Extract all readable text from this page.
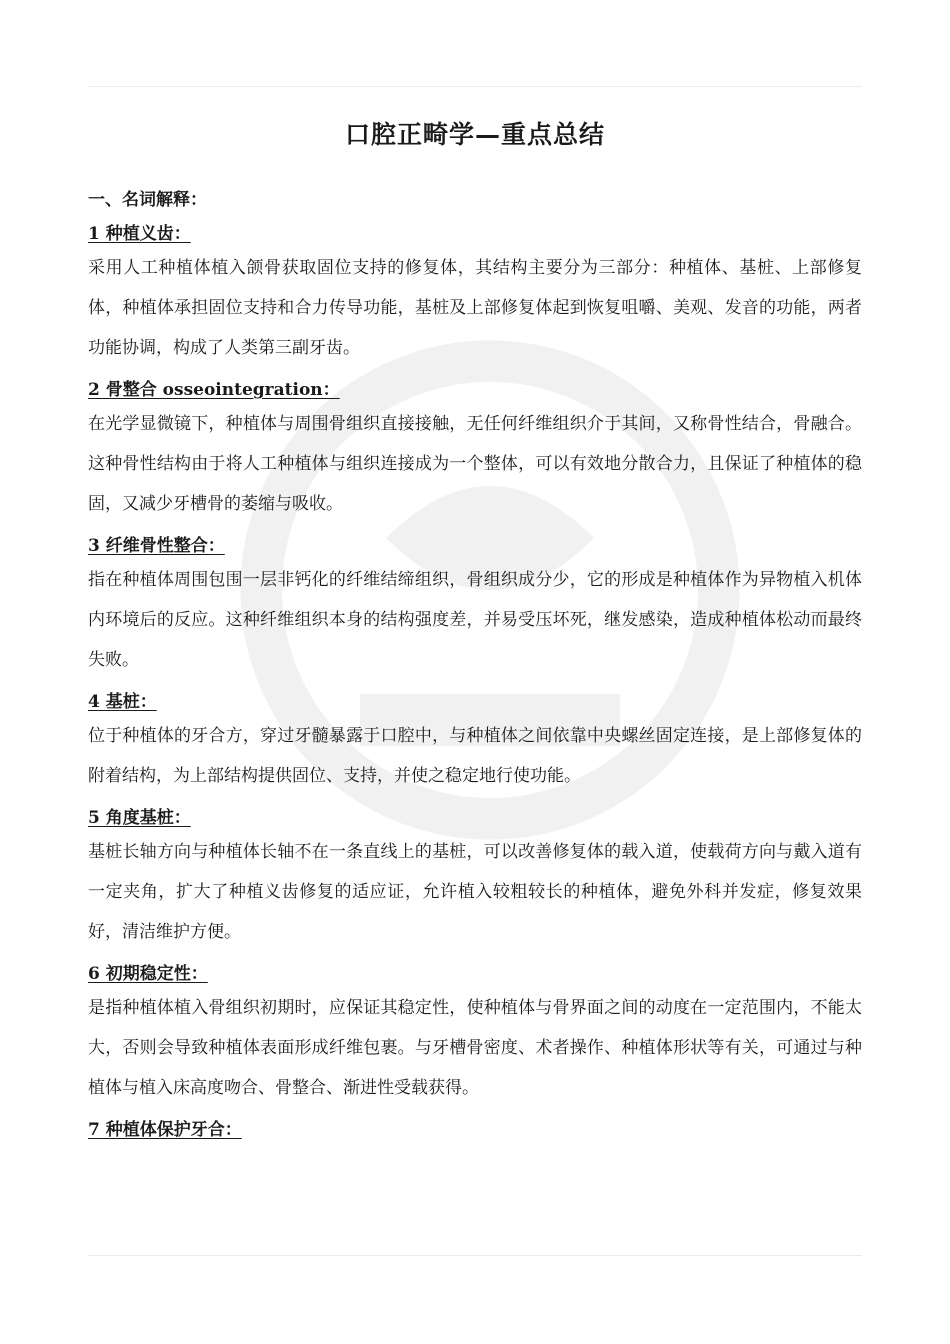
口腔正畸学—重点总结
一、名词解释：
1 种植义齿：

采用人工种植体植入颌骨获取固位支持的修复体，其结构主要分为三部分：种植体、基桩、上部修复体，种植体承担固位支持和合力传导功能，基桩及上部修复体起到恢复咀嚼、美观、发音的功能，两者功能协调，构成了人类第三副牙齿。

2 骨整合 osseointegration：

在光学显微镜下，种植体与周围骨组织直接接触，无任何纤维组织介于其间，又称骨性结合，骨融合。这种骨性结构由于将人工种植体与组织连接成为一个整体，可以有效地分散合力，且保证了种植体的稳固，又减少牙槽骨的萎缩与吸收。

3 纤维骨性整合：

指在种植体周围包围一层非钙化的纤维结缔组织，骨组织成分少，它的形成是种植体作为异物植入机体内环境后的反应。这种纤维组织本身的结构强度差，并易受压坏死，继发感染，造成种植体松动而最终失败。

4 基桩：

位于种植体的牙合方，穿过牙髓暴露于口腔中，与种植体之间依靠中央螺丝固定连接，是上部修复体的附着结构，为上部结构提供固位、支持，并使之稳定地行使功能。

5 角度基桩：

基桩长轴方向与种植体长轴不在一条直线上的基桩，可以改善修复体的载入道，使载荷方向与戴入道有一定夹角，扩大了种植义齿修复的适应证，允许植入较粗较长的种植体，避免外科并发症，修复效果好，清洁维护方便。

6 初期稳定性：

是指种植体植入骨组织初期时，应保证其稳定性，使种植体与骨界面之间的动度在一定范围内，不能太大，否则会导致种植体表面形成纤维包裹。与牙槽骨密度、术者操作、种植体形状等有关，可通过与种植体与植入床高度吻合、骨整合、渐进性受载获得。

7 种植体保护牙合：
